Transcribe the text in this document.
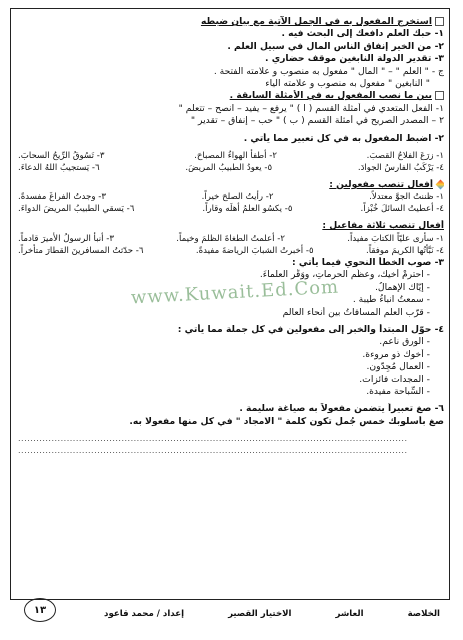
استخرج المفعول به في الجمل الآتية مع بيان ضبطه
١- حبك العلم دافعك إلى البحث فيه .
٢- من الخير إنفاق الناس المال في سبيل العلم .
٣- تقدير الدولة النابغين موقف حضاري .
ج - " العلم " – " المال " مفعول به منصوب و علامته الفتحة .
" النابغين " مفعول به منصوب و علامته الياء
بين ما نصب المفعول به في الأمثلة السابقة .
١- الفعل المتعدي في أمثلة القسم ( ا ) " يرفع – يفيد – انصح – تتعلم "
٢ – المصدر الصريح في أمثلة القسم ( ب ) " حب – إنفاق – تقدير "
٢- اضبط المفعول به في كل تعبير مما يأتي .
١- زرَعَ الفلاحُ القصبَ.
٢- أطفأ الهواءُ المصباحَ.
٣- تَسُوقُ الرِّيحُ السحابَ.
٤- يَرْكَبُ الفارسُ الجوادَ.
٥- يعودُ الطبيبُ المريضَ.
٦- يَستجيبُ اللهُ الدعاءَ.
أفعال تنصب مفعولين :
١- ظننتُ الجوَّ معتدلاً.
٢- رأيتُ الصلحَ خيراً.
٣- وجدتُ الفراغَ مفسدةً.
٤- أعطيتُ السائلَ خُبْزاً.
٥- يكسُو العلمُ أهلَه وقاراً.
٦- يَسقي الطبيبُ المريضَ الدواءَ.
أفعال تنصب ثلاثة مفاعيل :
١- سأرى عليّاً الكتابَ مفيداً.
٢- أعلمتُ الطغاةَ الظلمَ وخيماً.
٣- أنبأ الرسولُ الأميرَ قادماً.
٤- نَبَّأتُها الكريمَ موفقاً.
٥- أخبرتُ الشبابَ الرياضةَ مفيدةً.
٦- حدّثتُ المسافرينَ القطارَ متأخراً.
٣- صوب الخطأ النحوي فيما يأتي :
- احترمْ أخيك، وعظِّم الحرماتِ، ووَقِّر العلماءَ.
- إيّاك الإهمالُ.
- سمعتُ انباءُ طيبة .
- قرّب العلم المسافاتُ بين أنحاء العالم
٤- حوّل المبتدأ والخبر إلى مفعولين في كل جملة مما يأتي :
- الورق ناعم.
- أخوك ذو مروءة.
- العمال مُجِدّون.
- المجدات فائزات.
- السِّباحة مفيدة.
٦- صغ تعبيراً يتضمن مفعولاً به صياغة سليمة .
صغ بأسلوبك خمس جُمل تكون كلمة " الامجاد " في كل منها مفعولا به.
................................................................................................................................
................................................................................................................................
www.Kuwait.Ed.Com
الخلاصة
العاشر
الاختيار القصير
إعداد / محمد قاعود
١٣
